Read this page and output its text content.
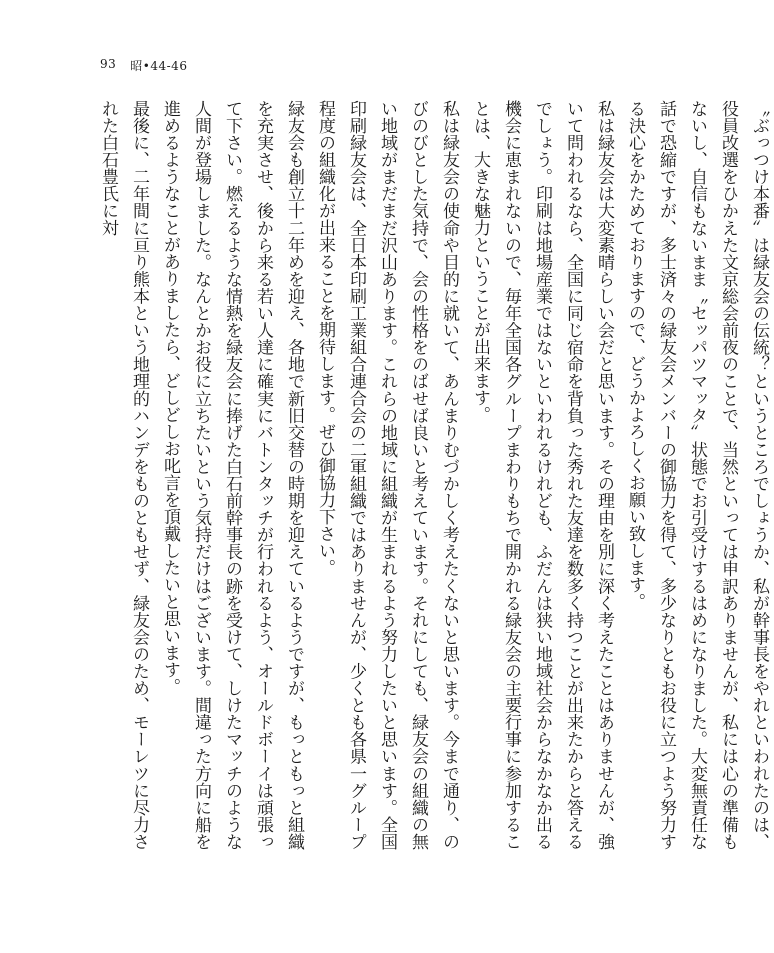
93 昭•44-46

〝ぶっつけ本番〟は緑友会の伝統？というところでしょうか、私が幹事長をやれといわれたのは、役員改選をひかえた文京総会前夜のことで、当然といっては申訳ありませんが、私には心の準備もないし、自信もないまま〝セッパツマッタ〟状態でお引受けするはめになりました。大変無責任な話で恐縮ですが、多士済々の緑友会メンバーの御協力を得て、多少なりともお役に立つよう努力する決心をかためておりますので、どうかよろしくお願い致します。

私は緑友会は大変素晴らしい会だと思います。その理由を別に深く考えたことはありませんが、強いて問われるなら、全国に同じ宿命を背負った秀れた友達を数多く持つことが出来たからと答えるでしょう。印刷は地場産業ではないといわれるけれども、ふだんは狭い地域社会からなかなか出る機会に恵まれないので、毎年全国各グループまわりもちで開かれる緑友会の主要行事に参加することは、大きな魅力ということが出来ます。

私は緑友会の使命や目的に就いて、あんまりむづかしく考えたくないと思います。今まで通り、のびのびとした気持で、会の性格をのばせば良いと考えています。それにしても、緑友会の組織の無い地域がまだまだ沢山あります。これらの地域に組織が生まれるよう努力したいと思います。全国印刷緑友会は、全日本印刷工業組合連合会の二軍組織ではありませんが、少くとも各県一グループ程度の組織化が出来ることを期待します。ぜひ御協力下さい。

緑友会も創立十二年めを迎え、各地で新旧交替の時期を迎えているようですが、もっともっと組織を充実させ、後から来る若い人達に確実にバトンタッチが行われるよう、オールドボーイは頑張って下さい。燃えるような情熱を緑友会に捧げた白石前幹事長の跡を受けて、しけたマッチのような人間が登場しました。なんとかお役に立ちたいという気持だけはございます。間違った方向に船を進めるようなことがありましたら、どしどしお叱言を頂戴したいと思います。

最後に、二年間に亘り熊本という地理的ハンデをものともせず、緑友会のため、モーレツに尽力された白石豊氏に対
